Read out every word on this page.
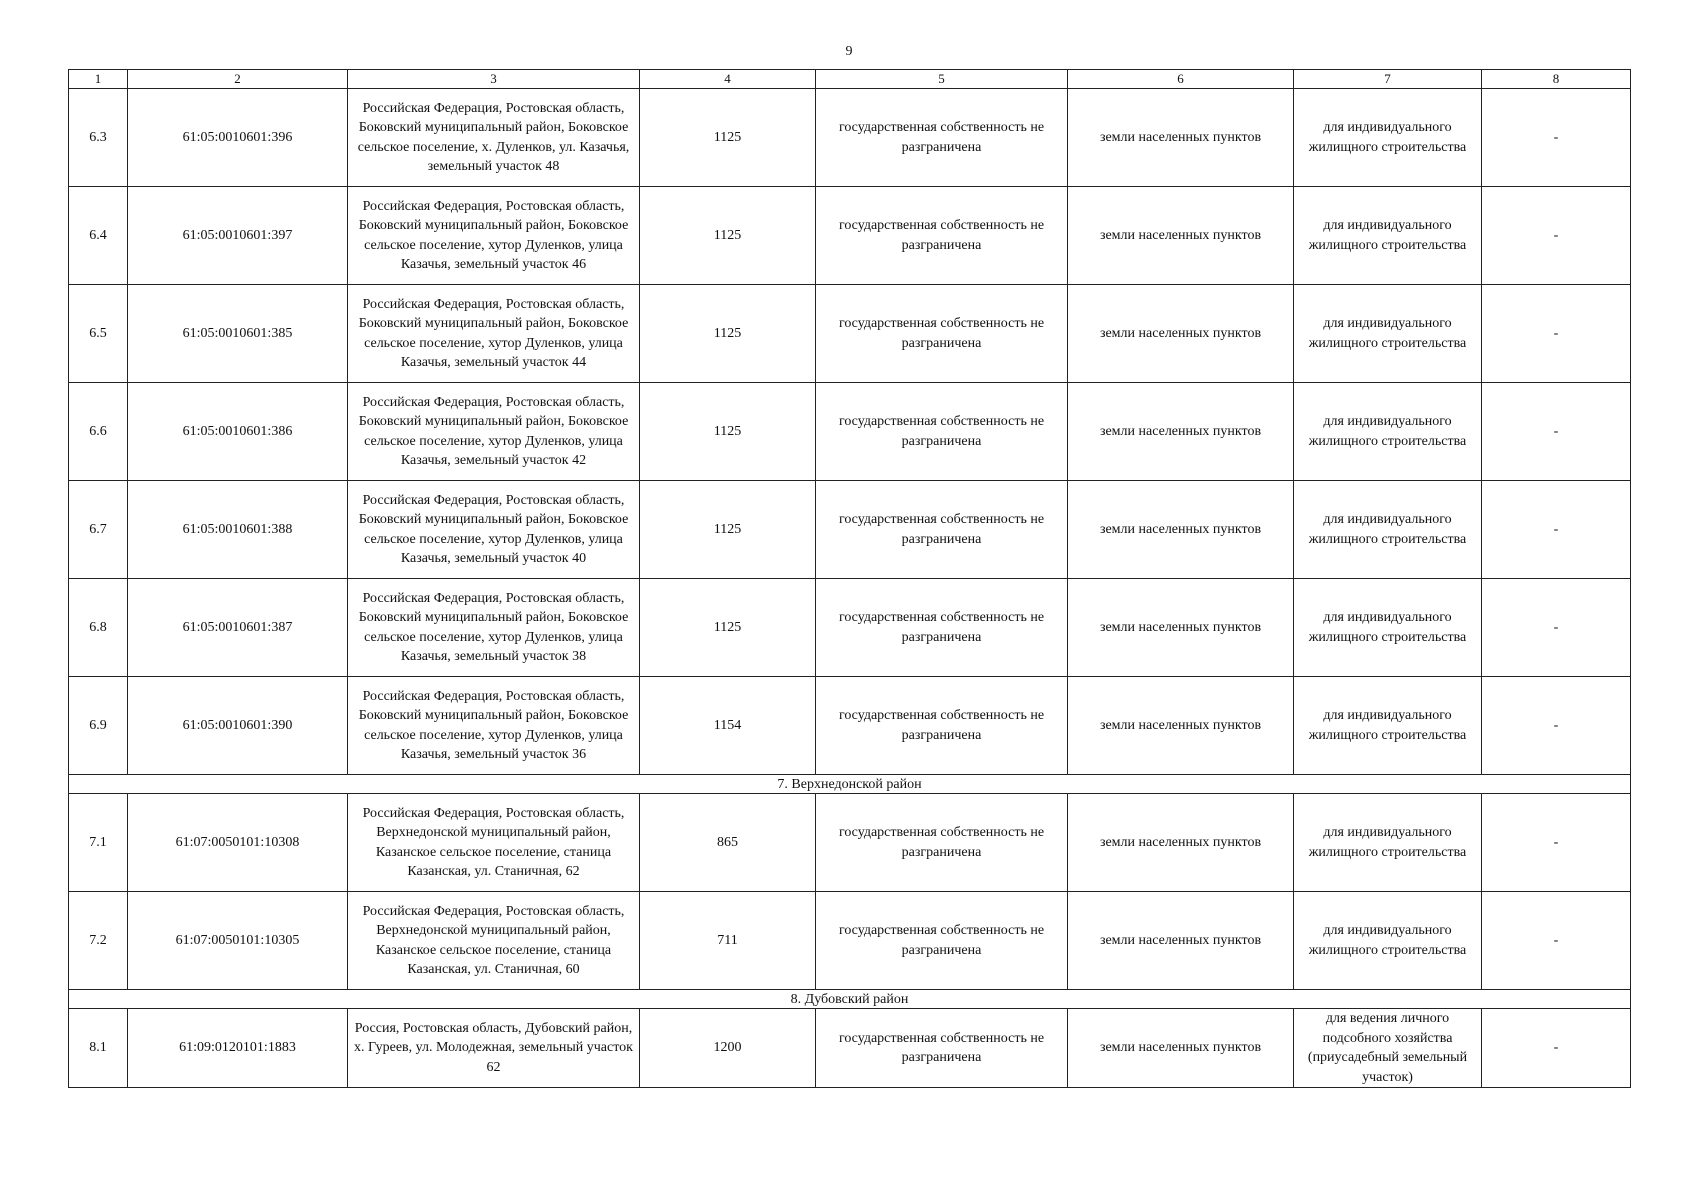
9
1	2	3	4	5	6	7	8
6.3	61:05:0010601:396	Российская Федерация, Ростовская область, Боковский муниципальный район, Боковское сельское поселение, х. Дуленков, ул. Казачья, земельный участок 48	1125	государственная собственность не разграничена	земли населенных пунктов	для индивидуального жилищного строительства	-
6.4	61:05:0010601:397	Российская Федерация, Ростовская область, Боковский муниципальный район, Боковское сельское поселение, хутор Дуленков, улица Казачья, земельный участок 46	1125	государственная собственность не разграничена	земли населенных пунктов	для индивидуального жилищного строительства	-
6.5	61:05:0010601:385	Российская Федерация, Ростовская область, Боковский муниципальный район, Боковское сельское поселение, хутор Дуленков, улица Казачья, земельный участок 44	1125	государственная собственность не разграничена	земли населенных пунктов	для индивидуального жилищного строительства	-
6.6	61:05:0010601:386	Российская Федерация, Ростовская область, Боковский муниципальный район, Боковское сельское поселение, хутор Дуленков, улица Казачья, земельный участок 42	1125	государственная собственность не разграничена	земли населенных пунктов	для индивидуального жилищного строительства	-
6.7	61:05:0010601:388	Российская Федерация, Ростовская область, Боковский муниципальный район, Боковское сельское поселение, хутор Дуленков, улица Казачья, земельный участок 40	1125	государственная собственность не разграничена	земли населенных пунктов	для индивидуального жилищного строительства	-
6.8	61:05:0010601:387	Российская Федерация, Ростовская область, Боковский муниципальный район, Боковское сельское поселение, хутор Дуленков, улица Казачья, земельный участок 38	1125	государственная собственность не разграничена	земли населенных пунктов	для индивидуального жилищного строительства	-
6.9	61:05:0010601:390	Российская Федерация, Ростовская область, Боковский муниципальный район, Боковское сельское поселение, хутор Дуленков, улица Казачья, земельный участок 36	1154	государственная собственность не разграничена	земли населенных пунктов	для индивидуального жилищного строительства	-
7. Верхнедонской район							
7.1	61:07:0050101:10308	Российская Федерация, Ростовская область, Верхнедонской муниципальный район, Казанское сельское поселение, станица Казанская, ул. Станичная, 62	865	государственная собственность не разграничена	земли населенных пунктов	для индивидуального жилищного строительства	-
7.2	61:07:0050101:10305	Российская Федерация, Ростовская область, Верхнедонской муниципальный район, Казанское сельское поселение, станица Казанская, ул. Станичная, 60	711	государственная собственность не разграничена	земли населенных пунктов	для индивидуального жилищного строительства	-
8. Дубовский район							
8.1	61:09:0120101:1883	Россия, Ростовская область, Дубовский район, х. Гуреев, ул. Молодежная, земельный участок 62	1200	государственная собственность не разграничена	земли населенных пунктов	для ведения личного подсобного хозяйства (приусадебный земельный участок)	-
